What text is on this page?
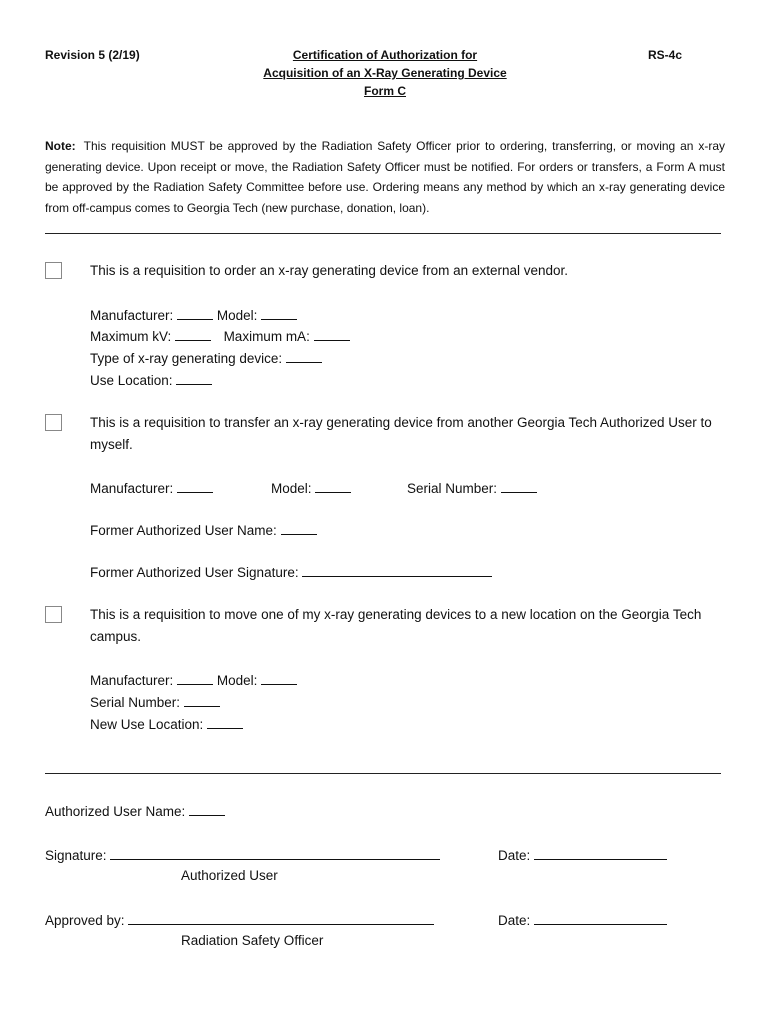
Revision 5 (2/19)	RS-4c
Certification of Authorization for
Acquisition of an X-Ray Generating Device
Form C
Note: This requisition MUST be approved by the Radiation Safety Officer prior to ordering, transferring, or moving an x-ray generating device. Upon receipt or move, the Radiation Safety Officer must be notified. For orders or transfers, a Form A must be approved by the Radiation Safety Committee before use. Ordering means any method by which an x-ray generating device from off-campus comes to Georgia Tech (new purchase, donation, loan).
This is a requisition to order an x-ray generating device from an external vendor.
Manufacturer:	Model:
Maximum kV:	Maximum mA:
Type of x-ray generating device:
Use Location:
This is a requisition to transfer an x-ray generating device from another Georgia Tech Authorized User to myself.
Manufacturer:	Model:	Serial Number:
Former Authorized User Name:
Former Authorized User Signature:
This is a requisition to move one of my x-ray generating devices to a new location on the Georgia Tech campus.
Manufacturer:	Model:
Serial Number:
New Use Location:
Authorized User Name:
Signature:	Date:
Authorized User
Approved by:	Date:
Radiation Safety Officer
